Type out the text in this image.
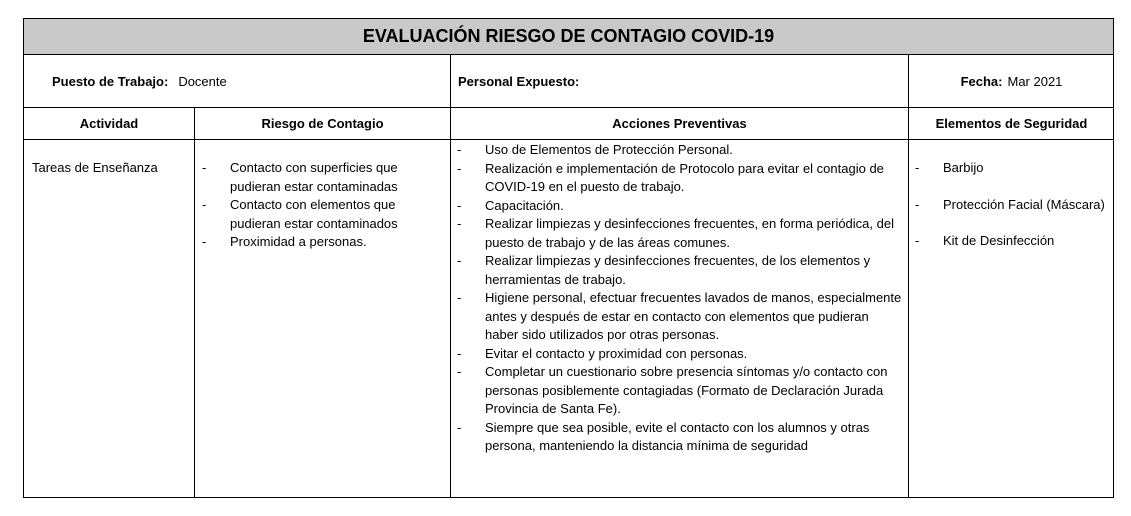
EVALUACIÓN RIESGO DE CONTAGIO COVID-19
Puesto de Trabajo: Docente	Personal Expuesto:	Fecha: Mar 2021
Actividad	Riesgo de Contagio	Acciones Preventivas	Elementos de Seguridad
Tareas de Enseñanza
-	Contacto con superficies que pudieran estar contaminadas
- Contacto con elementos que pudieran estar contaminados
- Proximidad a personas.
- Uso de Elementos de Protección Personal.
- Realización e implementación de Protocolo para evitar el contagio de COVID-19 en el puesto de trabajo.
- Capacitación.
- Realizar limpiezas y desinfecciones frecuentes, en forma periódica, del puesto de trabajo y de las áreas comunes.
- Realizar limpiezas y desinfecciones frecuentes, de los elementos y herramientas de trabajo.
- Higiene personal, efectuar frecuentes lavados de manos, especialmente antes y después de estar en contacto con elementos que pudieran haber sido utilizados por otras personas.
- Evitar el contacto y proximidad con personas.
- Completar un cuestionario sobre presencia síntomas y/o contacto con personas posiblemente contagiadas (Formato de Declaración Jurada Provincia de Santa Fe).
- Siempre que sea posible, evite el contacto con los alumnos y otras persona, manteniendo la distancia mínima de seguridad
- Barbijo
- Protección Facial (Máscara)
- Kit de Desinfección
